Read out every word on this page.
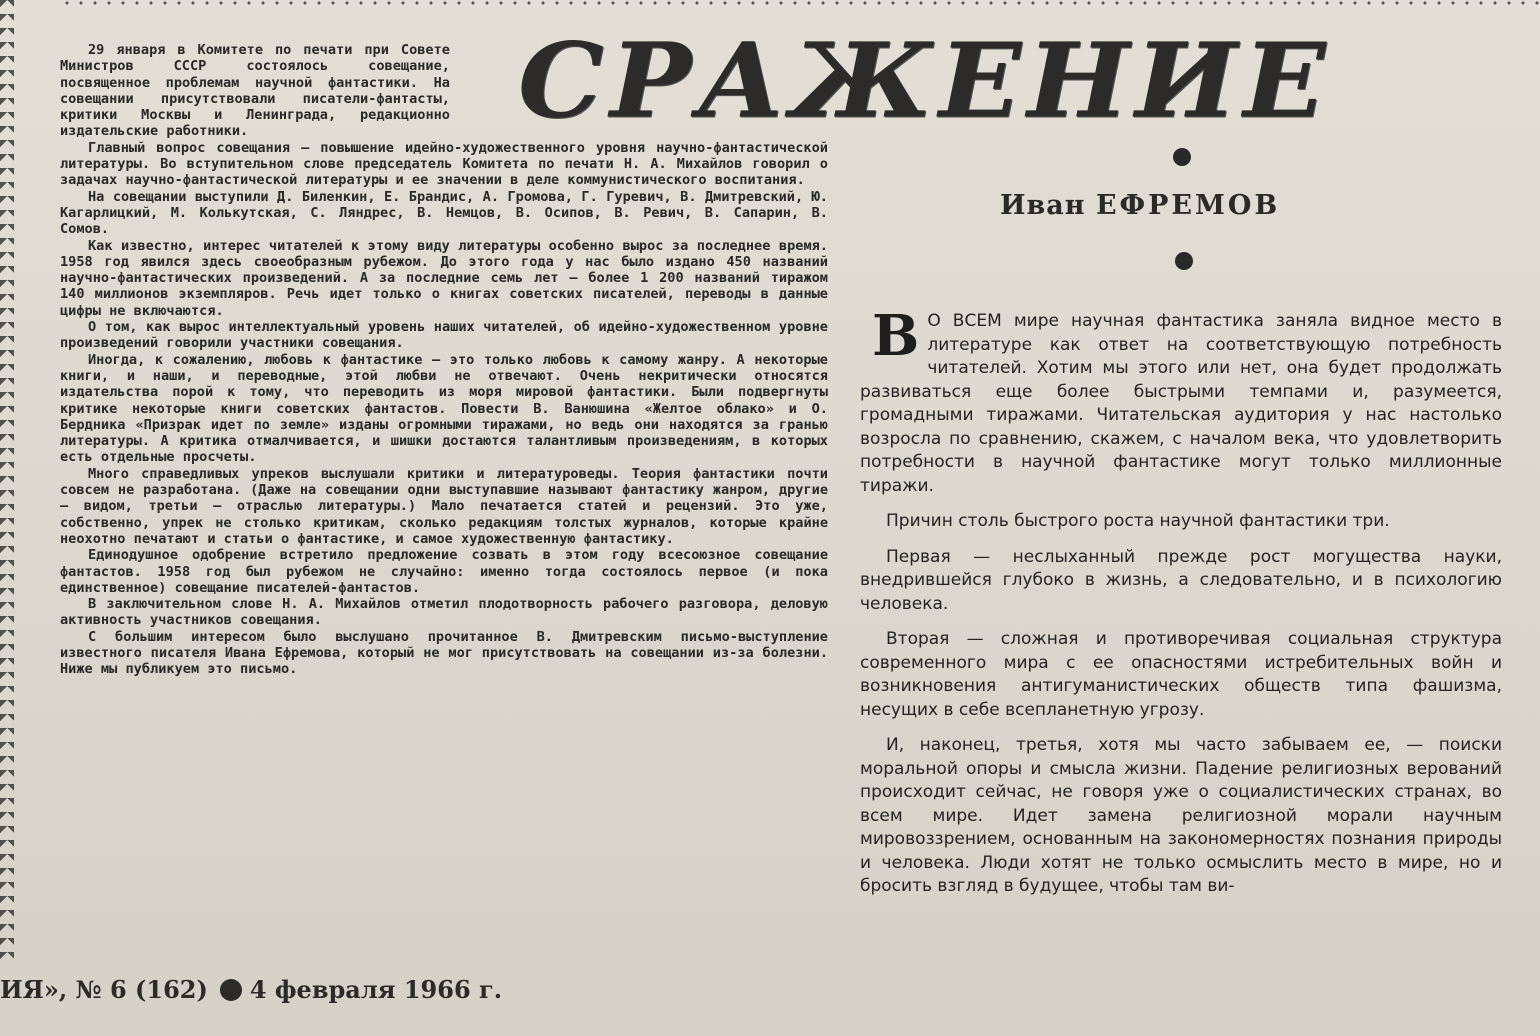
29 января в Комитете по печати при Совете Министров СССР состоялось совещание, посвященное проблемам научной фантастики. На совещании присутствовали писатели-фантасты, критики Москвы и Ленинграда, редакционно издательские работники.

Главный вопрос совещания — повышение идейно-художественного уровня научно-фантастической литературы. Во вступительном слове председатель Комитета по печати Н. А. Михайлов говорил о задачах научно-фантастической литературы и ее значении в деле коммунистического воспитания.

На совещании выступили Д. Биленкин, Е. Брандис, А. Громова, Г. Гуревич, В. Дмитревский, Ю. Кагарлицкий, М. Колькутская, С. Ляндрес, В. Немцов, В. Осипов, В. Ревич, В. Сапарин, В. Сомов.

Как известно, интерес читателей к этому виду литературы особенно вырос за последнее время. 1958 год явился здесь своеобразным рубежом. До этого года у нас было издано 450 названий научно-фантастических произведений. А за последние семь лет — более 1 200 названий тиражом 140 миллионов экземпляров. Речь идет только о книгах советских писателей, переводы в данные цифры не включаются.

О том, как вырос интеллектуальный уровень наших читателей, об идейно-художественном уровне произведений говорили участники совещания.

Иногда, к сожалению, любовь к фантастике — это только любовь к самому жанру. А некоторые книги, и наши, и переводные, этой любви не отвечают. Очень некритически относятся издательства порой к тому, что переводить из моря мировой фантастики. Были подвергнуты критике некоторые книги советских фантастов. Повести В. Ванюшина «Желтое облако» и О. Бердника «Призрак идет по земле» изданы огромными тиражами, но ведь они находятся за гранью литературы. А критика отмалчивается, и шишки достаются талантливым произведениям, в которых есть отдельные просчеты.

Много справедливых упреков выслушали критики и литературоведы. Теория фантастики почти совсем не разработана. (Даже на совещании одни выступавшие называют фантастику жанром, другие — видом, третьи — отраслью литературы.) Мало печатается статей и рецензий. Это уже, собственно, упрек не столько критикам, сколько редакциям толстых журналов, которые крайне неохотно печатают и статьи о фантастике, и самое художественную фантастику.

Единодушное одобрение встретило предложение созвать в этом году всесоюзное совещание фантастов. 1958 год был рубежом не случайно: именно тогда состоялось первое (и пока единственное) совещание писателей-фантастов.

В заключительном слове Н. А. Михайлов отметил плодотворность рабочего разговора, деловую активность участников совещания.

С большим интересом было выслушано прочитанное В. Дмитревским письмо-выступление известного писателя Ивана Ефремова, который не мог присутствовать на совещании из-за болезни. Ниже мы публикуем это письмо.

СРАЖЕНИЕ
Иван ЕФРЕМОВ

В О ВСЕМ мире научная фантастика заняла видное место в литературе как ответ на соответствующую потребность читателей. Хотим мы этого или нет, она будет продолжать развиваться еще более быстрыми темпами и, разумеется, громадными тиражами. Читательская аудитория у нас настолько возросла по сравнению, скажем, с началом века, что удовлетворить потребности в научной фантастике могут только миллионные тиражи.

Причин столь быстрого роста научной фантастики три.

Первая — неслыханный прежде рост могущества науки, внедрившейся глубоко в жизнь, а следовательно, и в психологию человека.

Вторая — сложная и противоречивая социальная структура современного мира с ее опасностями истребительных войн и возникновения антигуманистических обществ типа фашизма, несущих в себе всепланетную угрозу.

И, наконец, третья, хотя мы часто забываем ее, — поиски моральной опоры и смысла жизни. Падение религиозных верований происходит сейчас, не говоря уже о социалистических странах, во всем мире. Идет замена религиозной морали научным мировоззрением, основанным на закономерностях познания природы и человека. Люди хотят не только осмыслить место в мире, но и бросить взгляд в будущее, чтобы там ви-

ИЯ», № 6 (162) 4 февраля 1966 г.
